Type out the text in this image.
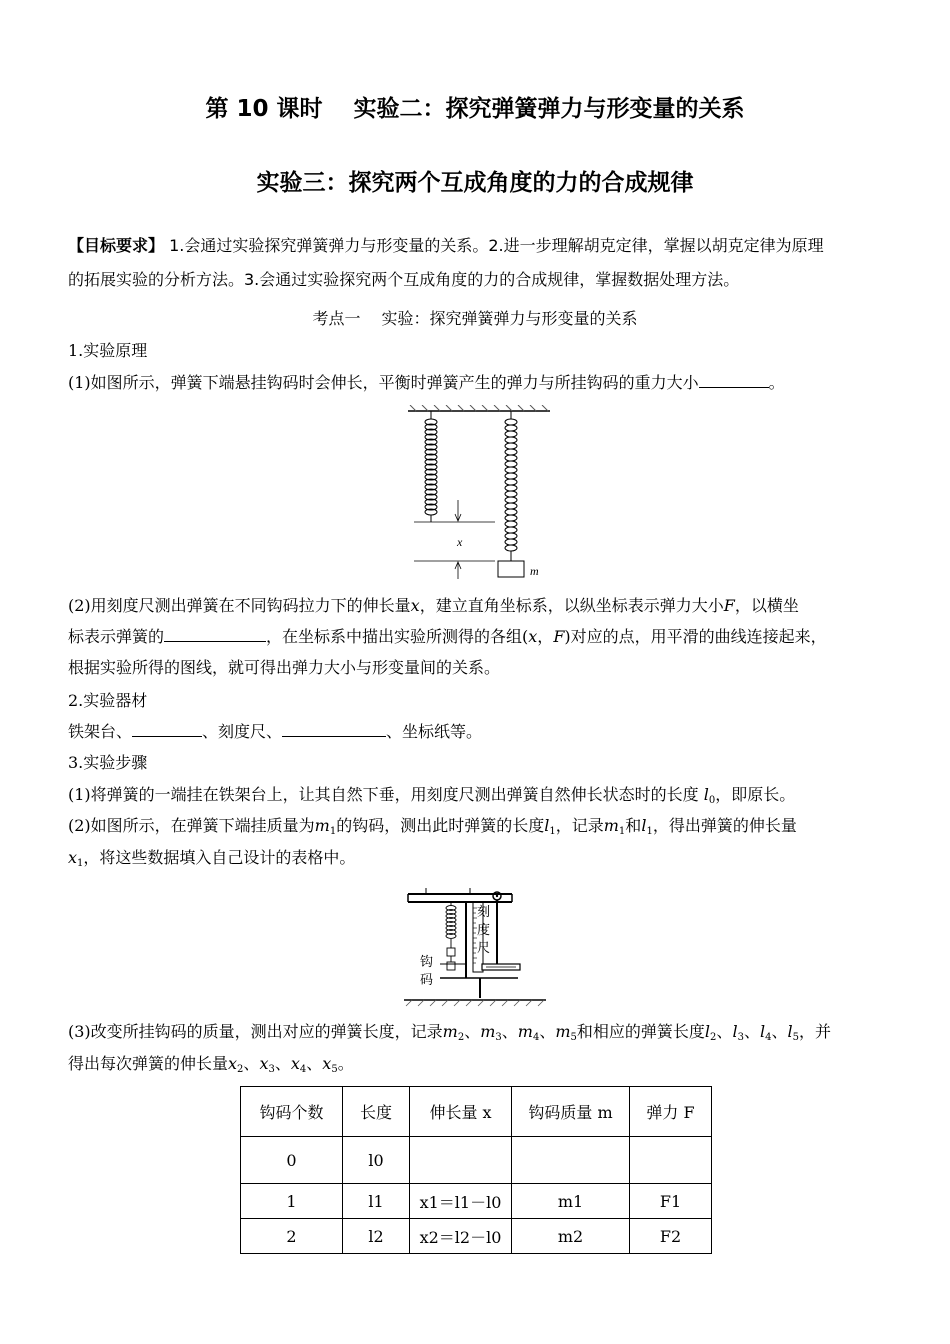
第 10 课时　 实验二：探究弹簧弹力与形变量的关系
实验三：探究两个互成角度的力的合成规律
【目标要求】 1.会通过实验探究弹簧弹力与形变量的关系。2.进一步理解胡克定律，掌握以胡克定律为原理
的拓展实验的分析方法。3.会通过实验探究两个互成角度的力的合成规律，掌握数据处理方法。
考点一　 实验：探究弹簧弹力与形变量的关系
1.实验原理
(1)如图所示，弹簧下端悬挂钩码时会伸长，平衡时弹簧产生的弹力与所挂钩码的重力大小	。
x
m
(2)用刻度尺测出弹簧在不同钩码拉力下的伸长量x，建立直角坐标系，以纵坐标表示弹力大小F，以横坐
标表示弹簧的	，在坐标系中描出实验所测得的各组(x，F)对应的点，用平滑的曲线连接起来，
根据实验所得的图线，就可得出弹力大小与形变量间的关系。
2.实验器材
铁架台、	、刻度尺、	、坐标纸等。
3.实验步骤
(1)将弹簧的一端挂在铁架台上，让其自然下垂，用刻度尺测出弹簧自然伸长状态时的长度 $l_0$，即原长。
(2)如图所示，在弹簧下端挂质量为$m_1$的钩码，测出此时弹簧的长度$l_1$，记录$m_1$和$l_1$，得出弹簧的伸长量
$x_1$，将这些数据填入自己设计的表格中。
刻
度
尺
钩
码
(3)改变所挂钩码的质量，测出对应的弹簧长度，记录$m_2$、$m_3$、$m_4$、$m_5$和相应的弹簧长度$l_2$、$l_3$、$l_4$、$l_5$，并
得出每次弹簧的伸长量$x_2$、$x_3$、$x_4$、$x_5$。
钩码个数	长度	伸长量 x	钩码质量 m	弹力 F
0	l0			
1	l1	x1＝l1－l0	m1	F1
2	l2	x2＝l2－l0	m2	F2
